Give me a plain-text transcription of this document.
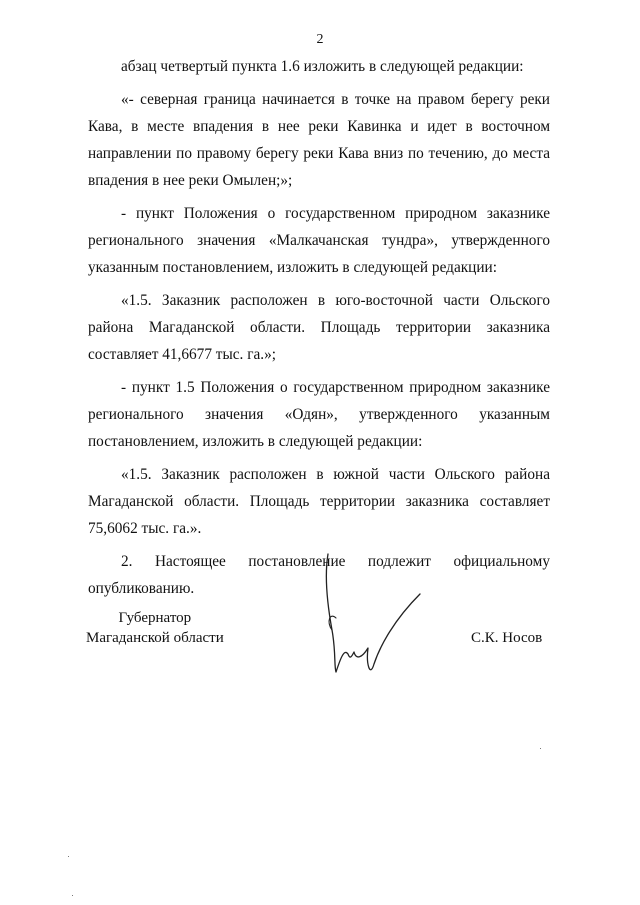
2

абзац четвертый пункта 1.6 изложить в следующей редакции:

«- северная граница начинается в точке на правом берегу реки Кава, в месте впадения в нее реки Кавинка и идет в восточном направлении по правому берегу реки Кава вниз по течению, до места впадения в нее реки Омылен;»;

- пункт Положения о государственном природном заказнике регионального значения «Малкачанская тундра», утвержденного указанным постановлением, изложить в следующей редакции:

«1.5. Заказник расположен в юго-восточной части Ольского района Магаданской области. Площадь территории заказника составляет 41,6677 тыс. га.»;

- пункт 1.5 Положения о государственном природном заказнике регионального значения «Одян», утвержденного указанным постановлением, изложить в следующей редакции:

«1.5. Заказник расположен в южной части Ольского района Магаданской области. Площадь территории заказника составляет 75,6062 тыс. га.».

2. Настоящее постановление подлежит официальному опубликованию.

Губернатор
Магаданской области	С.К. Носов
